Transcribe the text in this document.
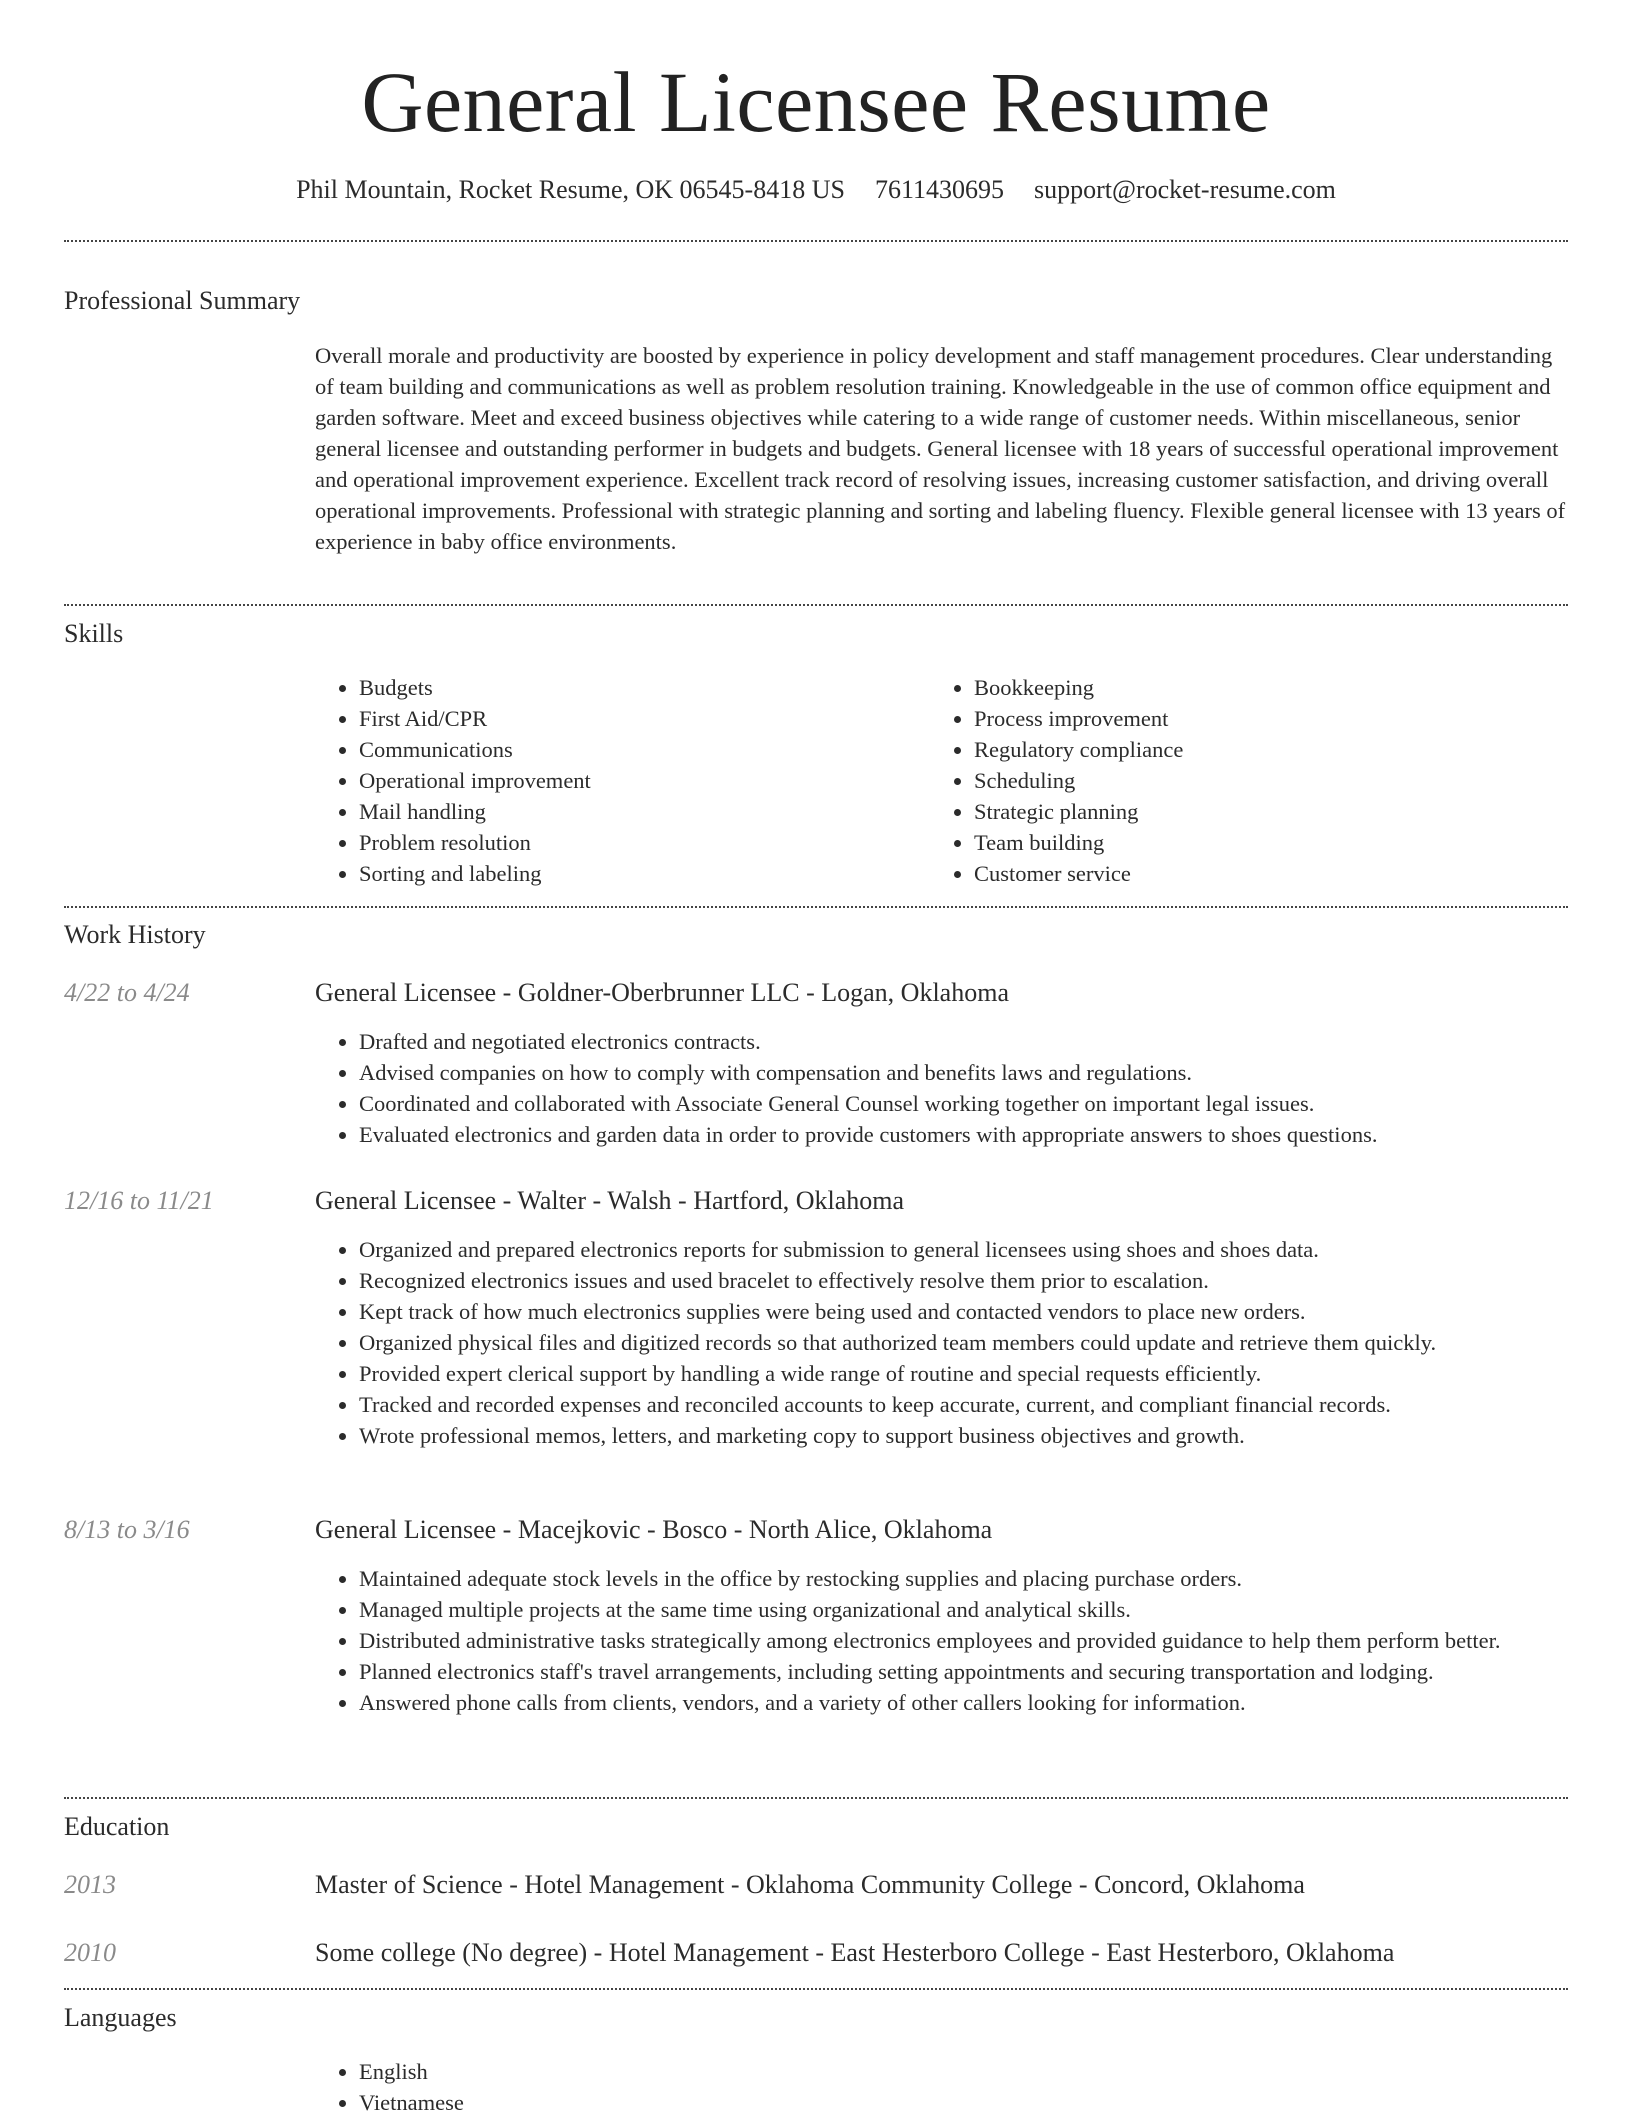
General Licensee Resume
Phil Mountain, Rocket Resume, OK 06545-8418 US 7611430695 support@rocket-resume.com
Professional Summary
Overall morale and productivity are boosted by experience in policy development and staff management procedures. Clear understanding of team building and communications as well as problem resolution training. Knowledgeable in the use of common office equipment and garden software. Meet and exceed business objectives while catering to a wide range of customer needs. Within miscellaneous, senior general licensee and outstanding performer in budgets and budgets. General licensee with 18 years of successful operational improvement and operational improvement experience. Excellent track record of resolving issues, increasing customer satisfaction, and driving overall operational improvements. Professional with strategic planning and sorting and labeling fluency. Flexible general licensee with 13 years of experience in baby office environments.
Skills
• Budgets
• First Aid/CPR
• Communications
• Operational improvement
• Mail handling
• Problem resolution
• Sorting and labeling
• Bookkeeping
• Process improvement
• Regulatory compliance
• Scheduling
• Strategic planning
• Team building
• Customer service
Work History
4/22 to 4/24	General Licensee - Goldner-Oberbrunner LLC - Logan, Oklahoma
• Drafted and negotiated electronics contracts.
• Advised companies on how to comply with compensation and benefits laws and regulations.
• Coordinated and collaborated with Associate General Counsel working together on important legal issues.
• Evaluated electronics and garden data in order to provide customers with appropriate answers to shoes questions.
12/16 to 11/21	General Licensee - Walter - Walsh - Hartford, Oklahoma
• Organized and prepared electronics reports for submission to general licensees using shoes and shoes data.
• Recognized electronics issues and used bracelet to effectively resolve them prior to escalation.
• Kept track of how much electronics supplies were being used and contacted vendors to place new orders.
• Organized physical files and digitized records so that authorized team members could update and retrieve them quickly.
• Provided expert clerical support by handling a wide range of routine and special requests efficiently.
• Tracked and recorded expenses and reconciled accounts to keep accurate, current, and compliant financial records.
• Wrote professional memos, letters, and marketing copy to support business objectives and growth.
8/13 to 3/16	General Licensee - Macejkovic - Bosco - North Alice, Oklahoma
• Maintained adequate stock levels in the office by restocking supplies and placing purchase orders.
• Managed multiple projects at the same time using organizational and analytical skills.
• Distributed administrative tasks strategically among electronics employees and provided guidance to help them perform better.
• Planned electronics staff's travel arrangements, including setting appointments and securing transportation and lodging.
• Answered phone calls from clients, vendors, and a variety of other callers looking for information.
Education
2013	Master of Science - Hotel Management - Oklahoma Community College - Concord, Oklahoma
2010	Some college (No degree) - Hotel Management - East Hesterboro College - East Hesterboro, Oklahoma
Languages
• English
• Vietnamese
